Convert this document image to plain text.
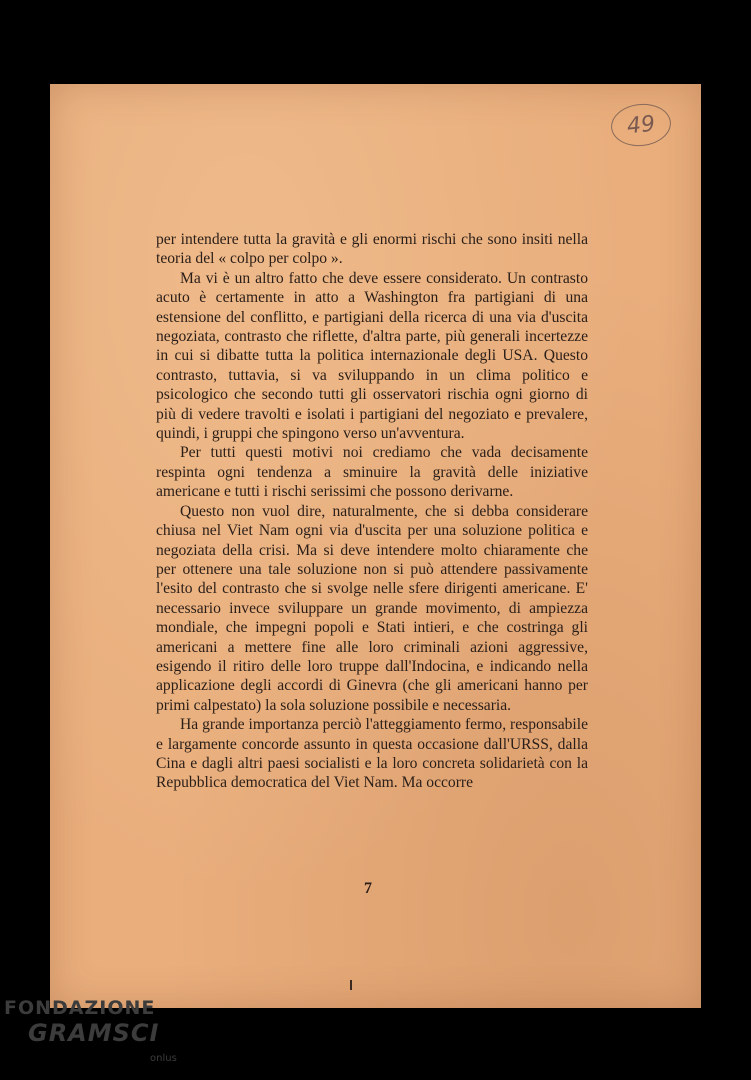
49

per intendere tutta la gravità e gli enormi rischi che sono insiti nella teoria del « colpo per colpo ».

Ma vi è un altro fatto che deve essere considerato. Un contrasto acuto è certamente in atto a Washington fra partigiani di una estensione del conflitto, e partigiani della ricerca di una via d'uscita negoziata, contrasto che riflette, d'altra parte, più generali incertezze in cui si dibatte tutta la politica internazionale degli USA. Questo contrasto, tuttavia, si va sviluppando in un clima politico e psicologico che secondo tutti gli osservatori rischia ogni giorno di più di vedere travolti e isolati i partigiani del negoziato e prevalere, quindi, i gruppi che spingono verso un'avventura.

Per tutti questi motivi noi crediamo che vada decisamente respinta ogni tendenza a sminuire la gravità delle iniziative americane e tutti i rischi serissimi che possono derivarne.

Questo non vuol dire, naturalmente, che si debba considerare chiusa nel Viet Nam ogni via d'uscita per una soluzione politica e negoziata della crisi. Ma si deve intendere molto chiaramente che per ottenere una tale soluzione non si può attendere passivamente l'esito del contrasto che si svolge nelle sfere dirigenti americane. E' necessario invece sviluppare un grande movimento, di ampiezza mondiale, che impegni popoli e Stati intieri, e che costringa gli americani a mettere fine alle loro criminali azioni aggressive, esigendo il ritiro delle loro truppe dall'Indocina, e indicando nella applicazione degli accordi di Ginevra (che gli americani hanno per primi calpestato) la sola soluzione possibile e necessaria.

Ha grande importanza perciò l'atteggiamento fermo, responsabile e largamente concorde assunto in questa occasione dall'URSS, dalla Cina e dagli altri paesi socialisti e la loro concreta solidarietà con la Repubblica democratica del Viet Nam. Ma occorre

7
FONDAZIONE
GRAMSCI
onlus
